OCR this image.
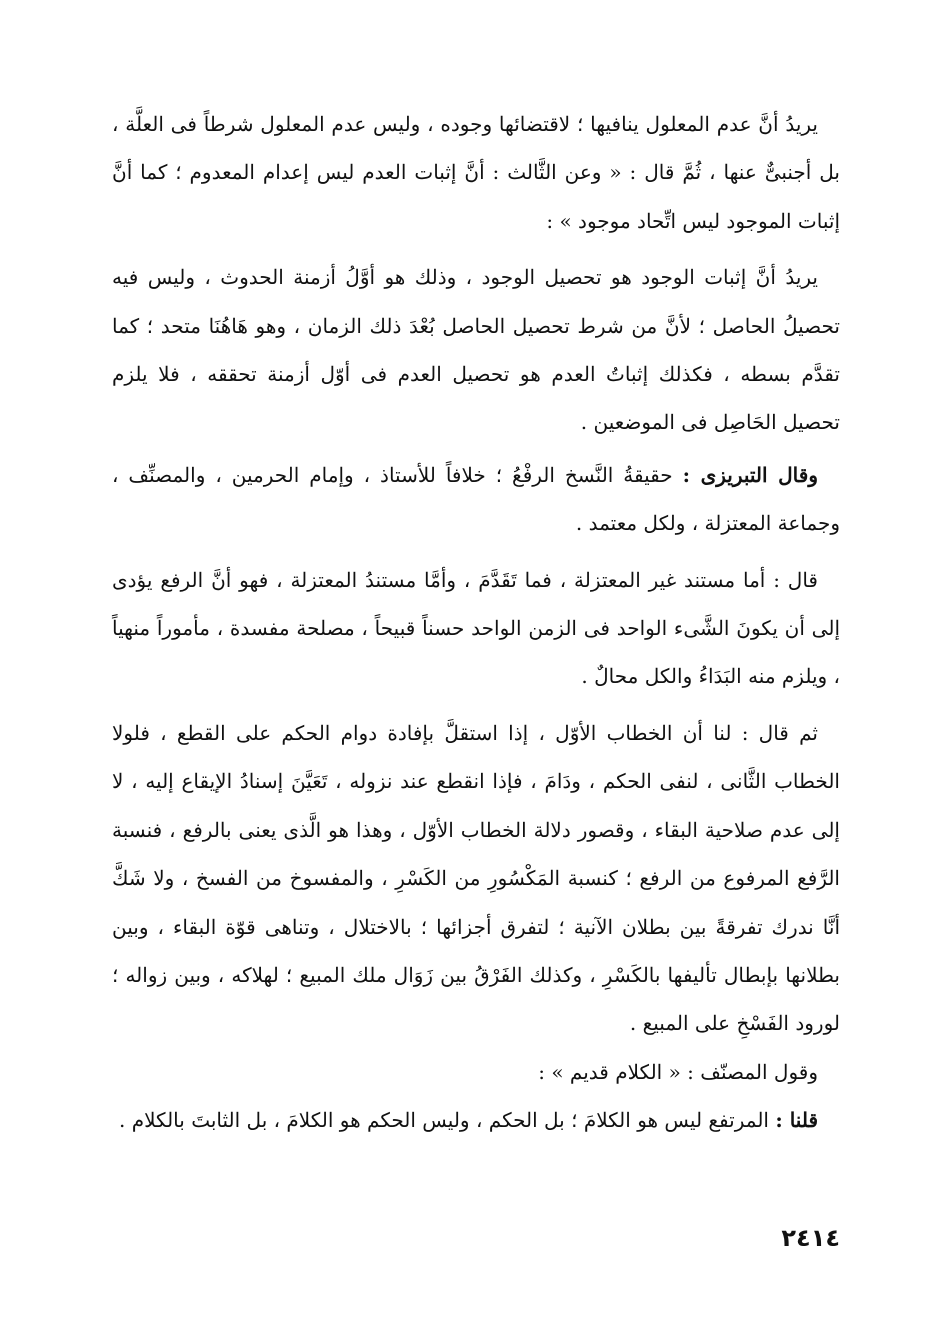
يريدُ أنَّ عدم المعلول ينافيها ؛ لاقتضائها وجوده ، وليس عدم المعلول شرطاً فى العلَّة ، بل أجنبىٌّ عنها ، ثُمَّ قال : « وعن الثَّالث : أنَّ إثبات العدم ليس إعدام المعدوم ؛ كما أنَّ إثبات الموجود ليس اتِّحاد موجود » :

يريدُ أنَّ إثبات الوجود هو تحصيل الوجود ، وذلك هو أوَّلُ أزمنة الحدوث ، وليس فيه تحصيلُ الحاصل ؛ لأنَّ من شرط تحصيل الحاصل بُعْدَ ذلك الزمان ، وهو هَاهُنَا متحد ؛ كما تقدَّم بسطه ، فكذلك إثباتُ العدم هو تحصيل العدم فى أوّل أزمنة تحققه ، فلا يلزم تحصيل الحَاصِل فى الموضعين .

وقال التبريزى : حقيقةُ النَّسخ الرفْعُ ؛ خلافاً للأستاذ ، وإمام الحرمين ، والمصنِّف ، وجماعة المعتزلة ، ولكل معتمد .

قال : أما مستند غير المعتزلة ، فما تَقَدَّمَ ، وأمَّا مستندُ المعتزلة ، فهو أنَّ الرفع يؤدى إلى أن يكونَ الشَّىء الواحد فى الزمن الواحد حسناً قبيحاً ، مصلحة مفسدة ، مأموراً منهياً ، ويلزم منه البَدَاءُ والكل محالٌ .

ثم قال : لنا أن الخطاب الأوّل ، إذا استقلَّ بإفادة دوام الحكم على القطع ، فلولا الخطاب الثَّانى ، لنفى الحكم ، ودَامَ ، فإذا انقطع عند نزوله ، تَعَيَّنَ إسنادُ الإيقاع إليه ، لا إلى عدم صلاحية البقاء ، وقصور دلالة الخطاب الأوّل ، وهذا هو الَّذى يعنى بالرفع ، فنسبة الرَّفع المرفوع من الرفع ؛ كنسبة المَكْسُورِ من الكَسْرِ ، والمفسوخ من الفسخ ، ولا شَكَّ أنَّا ندرك تفرقةً بين بطلان الآنية ؛ لتفرق أجزائها ؛ بالاختلال ، وتناهى قوّة البقاء ، وبين بطلانها بإبطال تأليفها بالكَسْرِ ، وكذلك الفَرْقُ بين زَوَال ملك المبيع ؛ لهلاكه ، وبين زواله ؛ لورود الفَسْخِ على المبيع .

وقول المصنّف : « الكلام قديم » :

قلنا : المرتفع ليس هو الكلامَ ؛ بل الحكم ، وليس الحكم هو الكلامَ ، بل الثابتَ بالكلام .

٢٤١٤
